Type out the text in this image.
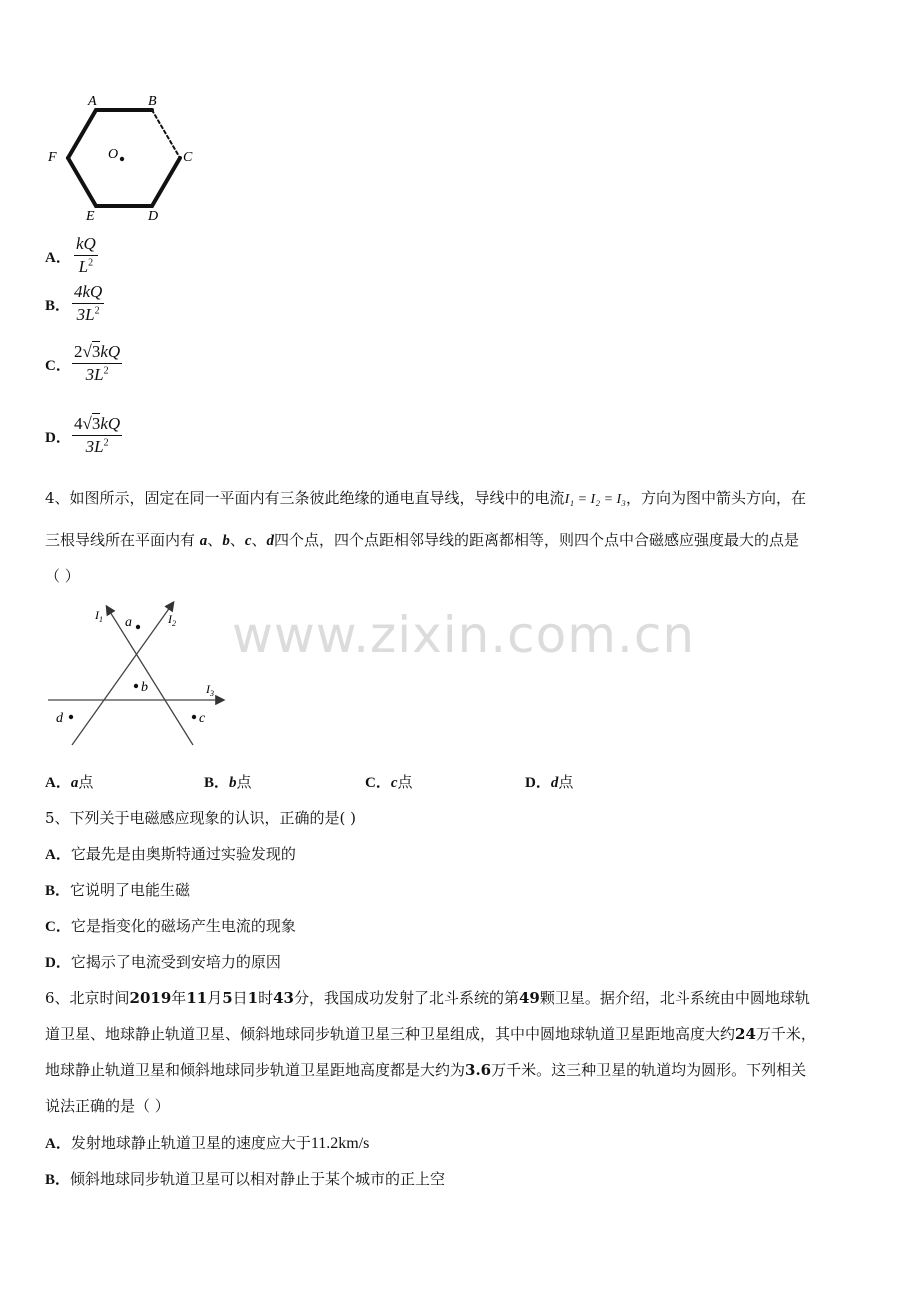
A	B
C
D
E
F	O
A． $\frac{kQ}{L^2}$
B． $\frac{4kQ}{3L^2}$
C． $\frac{2√3kQ}{3L^2}$
D． $\frac{4√3kQ}{3L^2}$
4、如图所示，固定在同一平面内有三条彼此绝缘的通电直导线，导线中的电流I₁ = I₂ = I₃，方向为图中箭头方向，在
三根导线所在平面内有 a、b、c、d四个点，四个点距相邻导线的距离都相等，则四个点中合磁感应强度最大的点是
（ ）
$I_1$	$I_2$
$I_3$
a
b
c
d
www.zixin.com.cn
A．a点	B．b点	C．c点	D．d点
5、下列关于电磁感应现象的认识，正确的是( )
A．它最先是由奥斯特通过实验发现的
B．它说明了电能生磁
C．它是指变化的磁场产生电流的现象
D．它揭示了电流受到安培力的原因
6、北京时间2019年11月5日1时43分，我国成功发射了北斗系统的第49颗卫星。据介绍，北斗系统由中圆地球轨
道卫星、地球静止轨道卫星、倾斜地球同步轨道卫星三种卫星组成，其中中圆地球轨道卫星距地高度大约24万千米，
地球静止轨道卫星和倾斜地球同步轨道卫星距地高度都是大约为3.6万千米。这三种卫星的轨道均为圆形。下列相关
说法正确的是（ ）
A．发射地球静止轨道卫星的速度应大于11.2km/s
B．倾斜地球同步轨道卫星可以相对静止于某个城市的正上空
